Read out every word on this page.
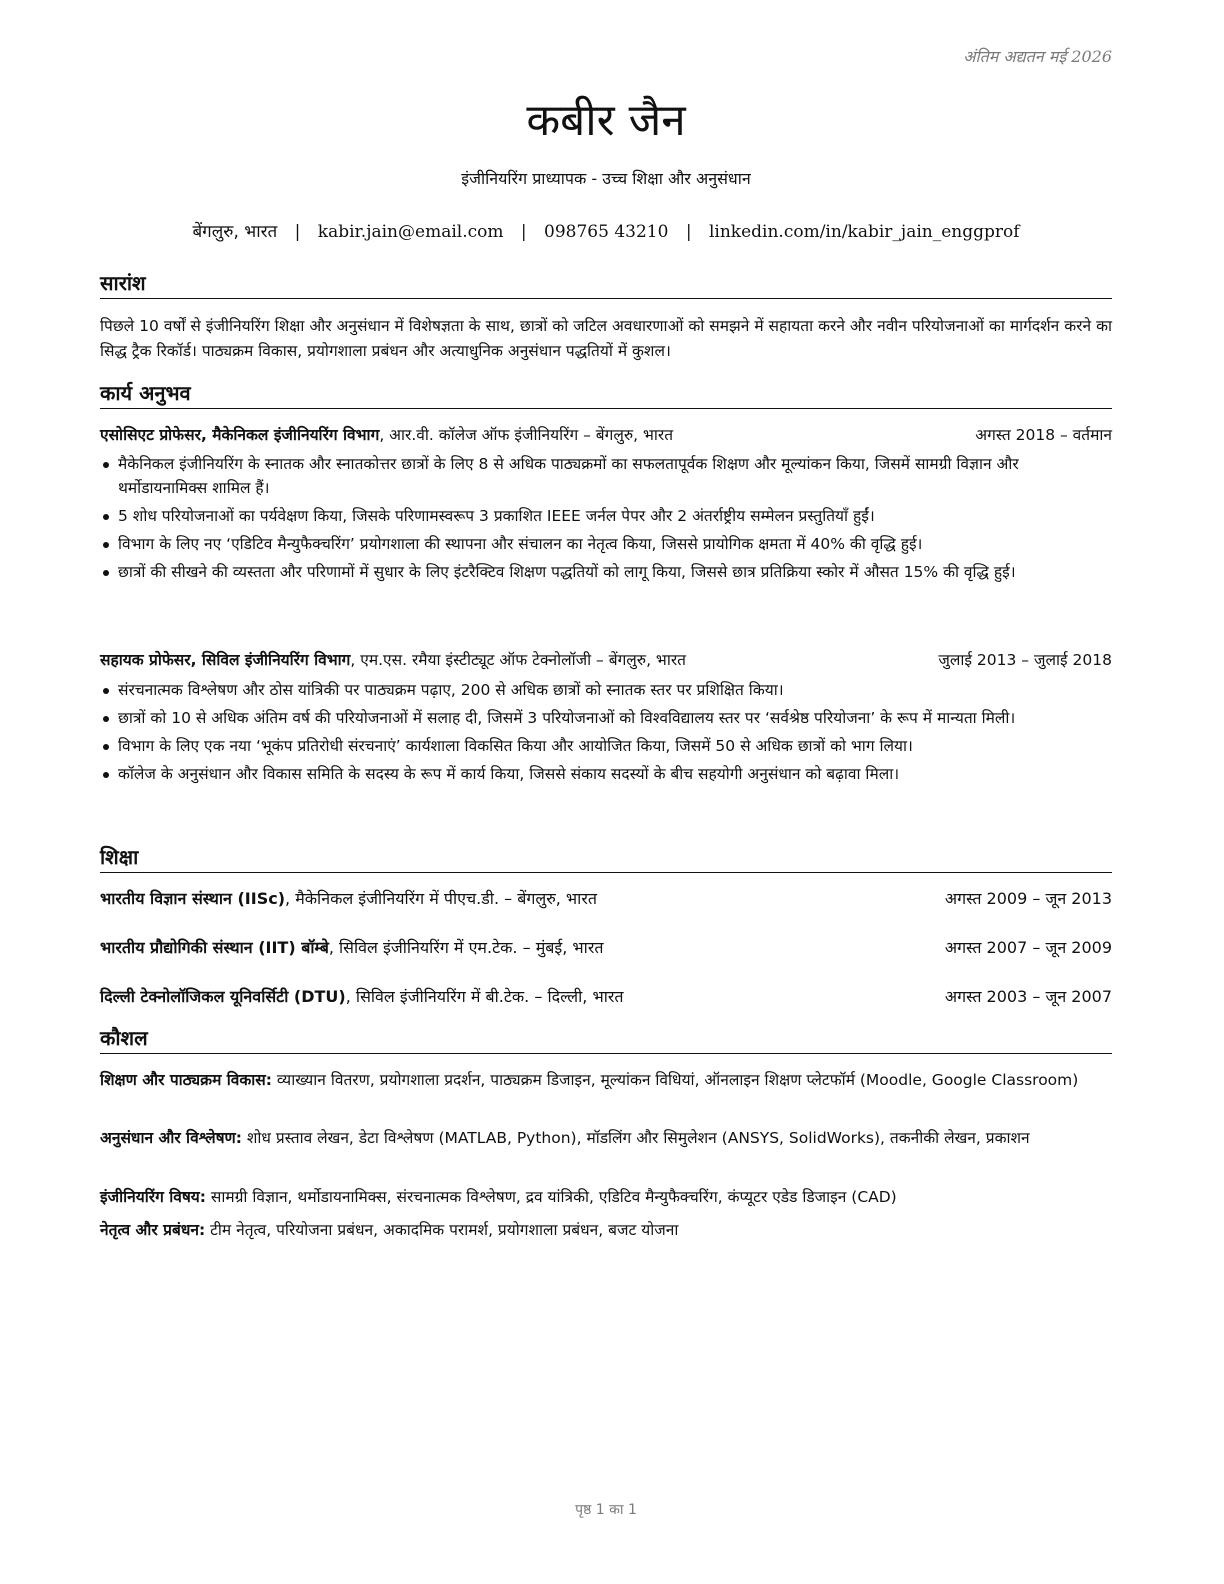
अंतिम अद्यतन मई 2026
कबीर जैन
इंजीनियरिंग प्राध्यापक - उच्च शिक्षा और अनुसंधान
बेंगलुरु, भारत | kabir.jain@email.com | 098765 43210 | linkedin.com/in/kabir_jain_enggprof
सारांश
पिछले 10 वर्षों से इंजीनियरिंग शिक्षा और अनुसंधान में विशेषज्ञता के साथ, छात्रों को जटिल अवधारणाओं को समझने में सहायता करने और नवीन परियोजनाओं का मार्गदर्शन करने का सिद्ध ट्रैक रिकॉर्ड। पाठ्यक्रम विकास, प्रयोगशाला प्रबंधन और अत्याधुनिक अनुसंधान पद्धतियों में कुशल।
कार्य अनुभव
एसोसिएट प्रोफेसर, मैकेनिकल इंजीनियरिंग विभाग, आर.वी. कॉलेज ऑफ इंजीनियरिंग – बेंगलुरु, भारत	अगस्त 2018 – वर्तमान
मैकेनिकल इंजीनियरिंग के स्नातक और स्नातकोत्तर छात्रों के लिए 8 से अधिक पाठ्यक्रमों का सफलतापूर्वक शिक्षण और मूल्यांकन किया, जिसमें सामग्री विज्ञान और थर्मोडायनामिक्स शामिल हैं।
5 शोध परियोजनाओं का पर्यवेक्षण किया, जिसके परिणामस्वरूप 3 प्रकाशित IEEE जर्नल पेपर और 2 अंतर्राष्ट्रीय सम्मेलन प्रस्तुतियाँ हुईं।
विभाग के लिए नए ‘एडिटिव मैन्युफैक्चरिंग’ प्रयोगशाला की स्थापना और संचालन का नेतृत्व किया, जिससे प्रायोगिक क्षमता में 40% की वृद्धि हुई।
छात्रों की सीखने की व्यस्तता और परिणामों में सुधार के लिए इंटरैक्टिव शिक्षण पद्धतियों को लागू किया, जिससे छात्र प्रतिक्रिया स्कोर में औसत 15% की वृद्धि हुई।
सहायक प्रोफेसर, सिविल इंजीनियरिंग विभाग, एम.एस. रमैया इंस्टीट्यूट ऑफ टेक्नोलॉजी – बेंगलुरु, भारत	जुलाई 2013 – जुलाई 2018
संरचनात्मक विश्लेषण और ठोस यांत्रिकी पर पाठ्यक्रम पढ़ाए, 200 से अधिक छात्रों को स्नातक स्तर पर प्रशिक्षित किया।
छात्रों को 10 से अधिक अंतिम वर्ष की परियोजनाओं में सलाह दी, जिसमें 3 परियोजनाओं को विश्वविद्यालय स्तर पर ‘सर्वश्रेष्ठ परियोजना’ के रूप में मान्यता मिली।
विभाग के लिए एक नया ‘भूकंप प्रतिरोधी संरचनाएं’ कार्यशाला विकसित किया और आयोजित किया, जिसमें 50 से अधिक छात्रों को भाग लिया।
कॉलेज के अनुसंधान और विकास समिति के सदस्य के रूप में कार्य किया, जिससे संकाय सदस्यों के बीच सहयोगी अनुसंधान को बढ़ावा मिला।
शिक्षा
भारतीय विज्ञान संस्थान (IISc), मैकेनिकल इंजीनियरिंग में पीएच.डी. – बेंगलुरु, भारत	अगस्त 2009 – जून 2013
भारतीय प्रौद्योगिकी संस्थान (IIT) बॉम्बे, सिविल इंजीनियरिंग में एम.टेक. – मुंबई, भारत	अगस्त 2007 – जून 2009
दिल्ली टेक्नोलॉजिकल यूनिवर्सिटी (DTU), सिविल इंजीनियरिंग में बी.टेक. – दिल्ली, भारत	अगस्त 2003 – जून 2007
कौशल
शिक्षण और पाठ्यक्रम विकास: व्याख्यान वितरण, प्रयोगशाला प्रदर्शन, पाठ्यक्रम डिजाइन, मूल्यांकन विधियां, ऑनलाइन शिक्षण प्लेटफॉर्म (Moodle, Google Classroom)
अनुसंधान और विश्लेषण: शोध प्रस्ताव लेखन, डेटा विश्लेषण (MATLAB, Python), मॉडलिंग और सिमुलेशन (ANSYS, SolidWorks), तकनीकी लेखन, प्रकाशन
इंजीनियरिंग विषय: सामग्री विज्ञान, थर्मोडायनामिक्स, संरचनात्मक विश्लेषण, द्रव यांत्रिकी, एडिटिव मैन्युफैक्चरिंग, कंप्यूटर एडेड डिजाइन (CAD)
नेतृत्व और प्रबंधन: टीम नेतृत्व, परियोजना प्रबंधन, अकादमिक परामर्श, प्रयोगशाला प्रबंधन, बजट योजना
पृष्ठ 1 का 1
